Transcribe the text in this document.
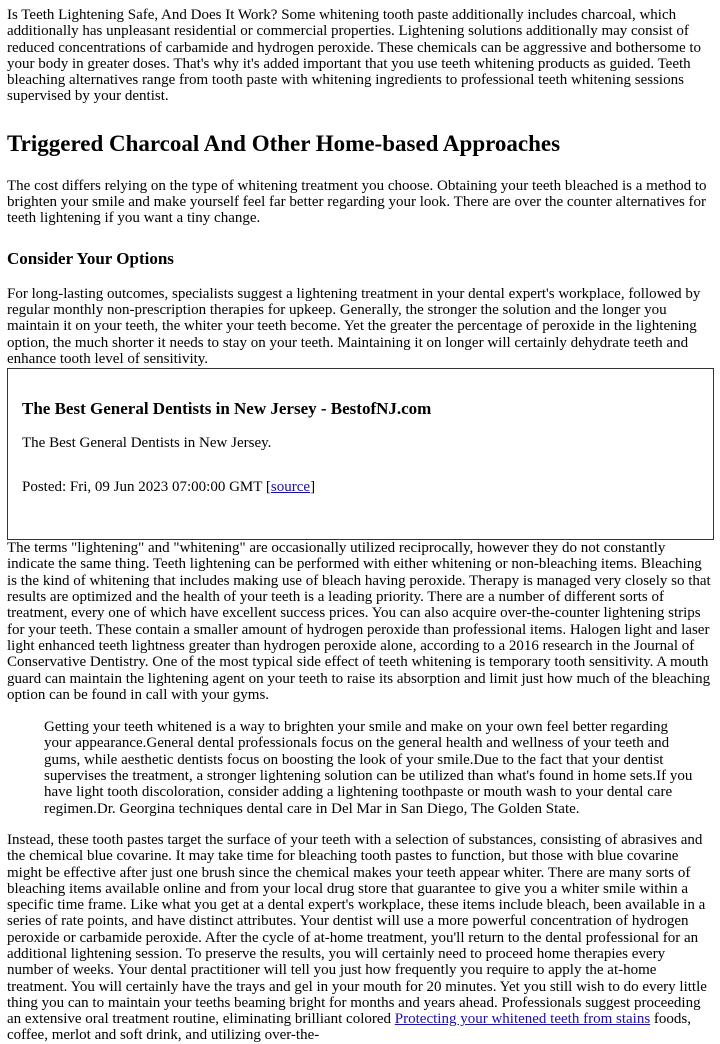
Is Teeth Lightening Safe, And Does It Work? Some whitening tooth paste additionally includes charcoal, which additionally has unpleasant residential or commercial properties. Lightening solutions additionally may consist of reduced concentrations of carbamide and hydrogen peroxide. These chemicals can be aggressive and bothersome to your body in greater doses. That's why it's added important that you use teeth whitening products as guided. Teeth bleaching alternatives range from tooth paste with whitening ingredients to professional teeth whitening sessions supervised by your dentist.

Triggered Charcoal And Other Home-based Approaches

The cost differs relying on the type of whitening treatment you choose. Obtaining your teeth bleached is a method to brighten your smile and make yourself feel far better regarding your look. There are over the counter alternatives for teeth lightening if you want a tiny change.

Consider Your Options

For long-lasting outcomes, specialists suggest a lightening treatment in your dental expert's workplace, followed by regular monthly non-prescription therapies for upkeep. Generally, the stronger the solution and the longer you maintain it on your teeth, the whiter your teeth become. Yet the greater the percentage of peroxide in the lightening option, the much shorter it needs to stay on your teeth. Maintaining it on longer will certainly dehydrate teeth and enhance tooth level of sensitivity.

The Best General Dentists in New Jersey - BestofNJ.com

The Best General Dentists in New Jersey.

Posted: Fri, 09 Jun 2023 07:00:00 GMT [source]

The terms "lightening" and "whitening" are occasionally utilized reciprocally, however they do not constantly indicate the same thing. Teeth lightening can be performed with either whitening or non-bleaching items. Bleaching is the kind of whitening that includes making use of bleach having peroxide. Therapy is managed very closely so that results are optimized and the health of your teeth is a leading priority. There are a number of different sorts of treatment, every one of which have excellent success prices. You can also acquire over-the-counter lightening strips for your teeth. These contain a smaller amount of hydrogen peroxide than professional items. Halogen light and laser light enhanced teeth lightness greater than hydrogen peroxide alone, according to a 2016 research in the Journal of Conservative Dentistry. One of the most typical side effect of teeth whitening is temporary tooth sensitivity. A mouth guard can maintain the lightening agent on your teeth to raise its absorption and limit just how much of the bleaching option can be found in call with your gyms.

Getting your teeth whitened is a way to brighten your smile and make on your own feel better regarding your appearance.General dental professionals focus on the general health and wellness of your teeth and gums, while aesthetic dentists focus on boosting the look of your smile.Due to the fact that your dentist supervises the treatment, a stronger lightening solution can be utilized than what's found in home sets.If you have light tooth discoloration, consider adding a lightening toothpaste or mouth wash to your dental care regimen.Dr. Georgina techniques dental care in Del Mar in San Diego, The Golden State.

Instead, these tooth pastes target the surface of your teeth with a selection of substances, consisting of abrasives and the chemical blue covarine. It may take time for bleaching tooth pastes to function, but those with blue covarine might be effective after just one brush since the chemical makes your teeth appear whiter. There are many sorts of bleaching items available online and from your local drug store that guarantee to give you a whiter smile within a specific time frame. Like what you get at a dental expert's workplace, these items include bleach, been available in a series of rate points, and have distinct attributes. Your dentist will use a more powerful concentration of hydrogen peroxide or carbamide peroxide. After the cycle of at-home treatment, you'll return to the dental professional for an additional lightening session. To preserve the results, you will certainly need to proceed home therapies every number of weeks. Your dental practitioner will tell you just how frequently you require to apply the at-home treatment. You will certainly have the trays and gel in your mouth for 20 minutes. Yet you still wish to do every little thing you can to maintain your teeths beaming bright for months and years ahead. Professionals suggest proceeding an extensive oral treatment routine, eliminating brilliant colored Protecting your whitened teeth from stains foods, coffee, merlot and soft drink, and utilizing over-the-
